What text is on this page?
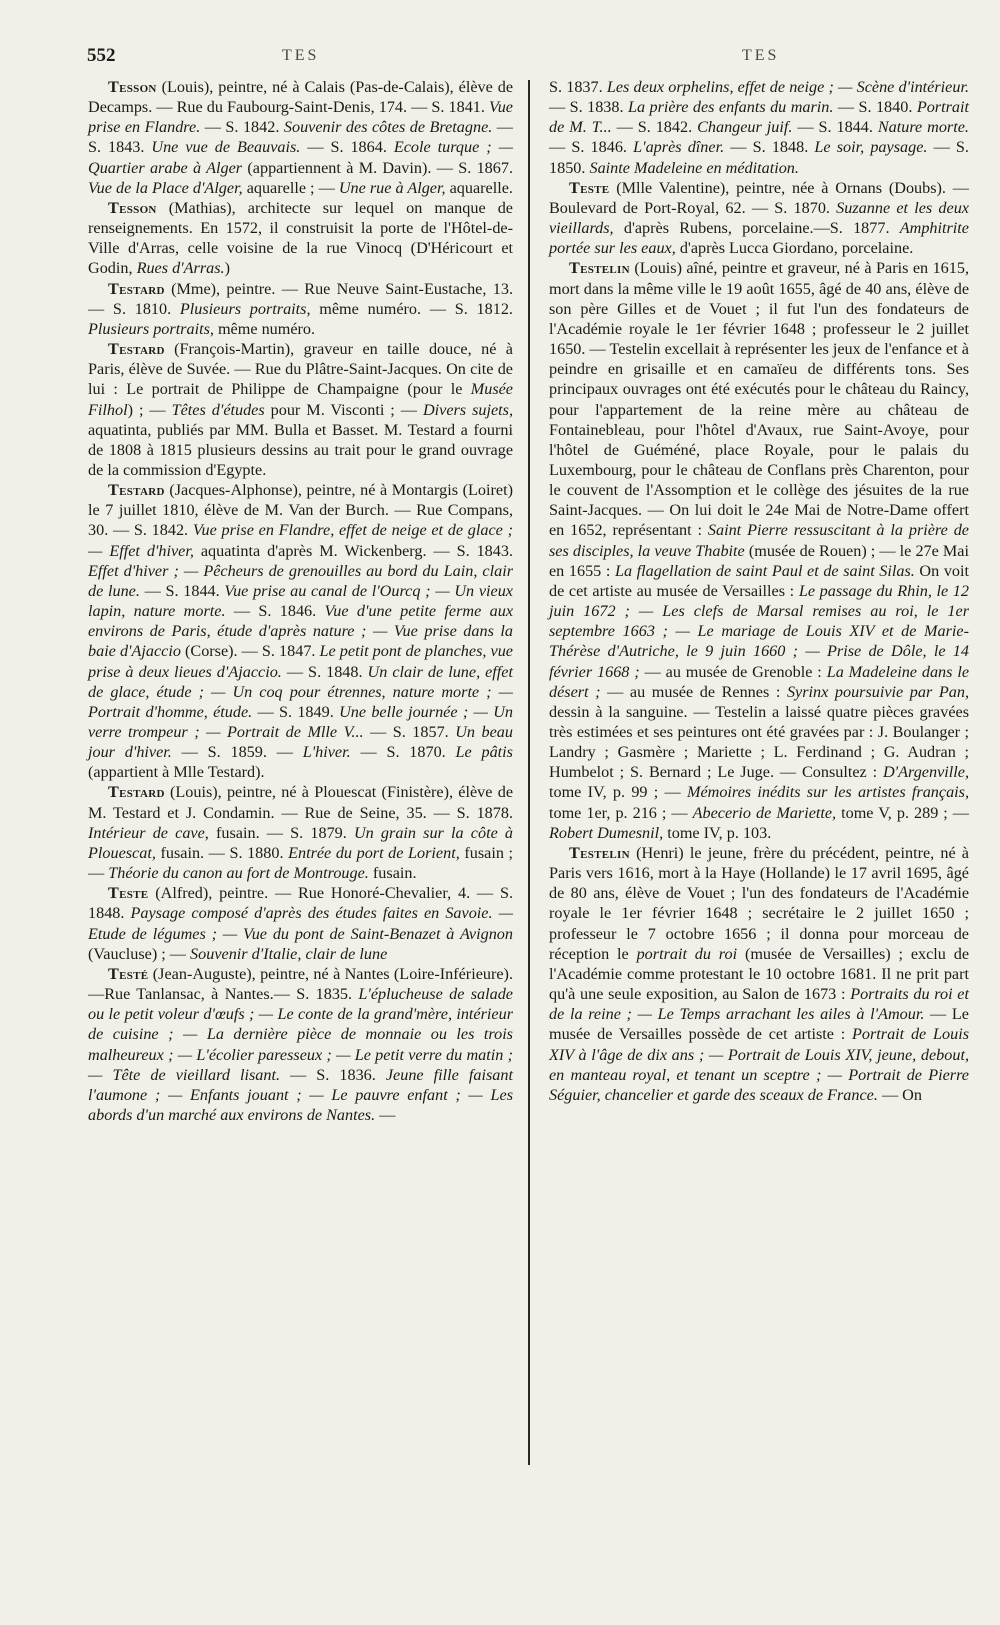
552	TES	TES

Tesson (Louis), peintre, né à Calais (Pas-de-Calais), élève de Decamps. — Rue du Faubourg-Saint-Denis, 174. — S. 1841. Vue prise en Flandre. — S. 1842. Souvenir des côtes de Bretagne. — S. 1843. Une vue de Beauvais. — S. 1864. Ecole turque ; — Quartier arabe à Alger (appartiennent à M. Davin). — S. 1867. Vue de la Place d'Alger, aquarelle ; — Une rue à Alger, aquarelle.

Tesson (Mathias), architecte sur lequel on manque de renseignements. En 1572, il construisit la porte de l'Hôtel-de-Ville d'Arras, celle voisine de la rue Vinocq (D'Héricourt et Godin, Rues d'Arras.)

Testard (Mme), peintre. — Rue Neuve Saint-Eustache, 13. — S. 1810. Plusieurs portraits, même numéro. — S. 1812. Plusieurs portraits, même numéro.

Testard (François-Martin), graveur en taille douce, né à Paris, élève de Suvée. — Rue du Plâtre-Saint-Jacques. On cite de lui : Le portrait de Philippe de Champaigne (pour le Musée Filhol) ; — Têtes d'études pour M. Visconti ; — Divers sujets, aquatinta, publiés par MM. Bulla et Basset. M. Testard a fourni de 1808 à 1815 plusieurs dessins au trait pour le grand ouvrage de la commission d'Egypte.

Testard (Jacques-Alphonse), peintre, né à Montargis (Loiret) le 7 juillet 1810, élève de M. Van der Burch. — Rue Compans, 30. — S. 1842. Vue prise en Flandre, effet de neige et de glace ; — Effet d'hiver, aquatinta d'après M. Wickenberg. — S. 1843. Effet d'hiver ; — Pêcheurs de grenouilles au bord du Lain, clair de lune. — S. 1844. Vue prise au canal de l'Ourcq ; — Un vieux lapin, nature morte. — S. 1846. Vue d'une petite ferme aux environs de Paris, étude d'après nature ; — Vue prise dans la baie d'Ajaccio (Corse). — S. 1847. Le petit pont de planches, vue prise à deux lieues d'Ajaccio. — S. 1848. Un clair de lune, effet de glace, étude ; — Un coq pour étrennes, nature morte ; — Portrait d'homme, étude. — S. 1849. Une belle journée ; — Un verre trompeur ; — Portrait de Mlle V... — S. 1857. Un beau jour d'hiver. — S. 1859. — L'hiver. — S. 1870. Le pâtis (appartient à Mlle Testard).

Testard (Louis), peintre, né à Plouescat (Finistère), élève de M. Testard et J. Condamin. — Rue de Seine, 35. — S. 1878. Intérieur de cave, fusain. — S. 1879. Un grain sur la côte à Plouescat, fusain. — S. 1880. Entrée du port de Lorient, fusain ; — Théorie du canon au fort de Montrouge. fusain.

Teste (Alfred), peintre. — Rue Honoré-Chevalier, 4. — S. 1848. Paysage composé d'après des études faites en Savoie. — Etude de légumes ; — Vue du pont de Saint-Benazet à Avignon (Vaucluse) ; — Souvenir d'Italie, clair de lune

Testé (Jean-Auguste), peintre, né à Nantes (Loire-Inférieure).—Rue Tanlansac, à Nantes.— S. 1835. L'éplucheuse de salade ou le petit voleur d'œufs ; — Le conte de la grand'mère, intérieur de cuisine ; — La dernière pièce de monnaie ou les trois malheureux ; — L'écolier paresseux ; — Le petit verre du matin ; — Tête de vieillard lisant. — S. 1836. Jeune fille faisant l'aumone ; — Enfants jouant ; — Le pauvre enfant ; — Les abords d'un marché aux environs de Nantes. —

S. 1837. Les deux orphelins, effet de neige ; — Scène d'intérieur. — S. 1838. La prière des enfants du marin. — S. 1840. Portrait de M. T... — S. 1842. Changeur juif. — S. 1844. Nature morte. — S. 1846. L'après dîner. — S. 1848. Le soir, paysage. — S. 1850. Sainte Madeleine en méditation.

Teste (Mlle Valentine), peintre, née à Ornans (Doubs). — Boulevard de Port-Royal, 62. — S. 1870. Suzanne et les deux vieillards, d'après Rubens, porcelaine.—S. 1877. Amphitrite portée sur les eaux, d'après Lucca Giordano, porcelaine.

Testelin (Louis) aîné, peintre et graveur, né à Paris en 1615, mort dans la même ville le 19 août 1655, âgé de 40 ans, élève de son père Gilles et de Vouet ; il fut l'un des fondateurs de l'Académie royale le 1er février 1648 ; professeur le 2 juillet 1650. — Testelin excellait à représenter les jeux de l'enfance et à peindre en grisaille et en camaïeu de différents tons. Ses principaux ouvrages ont été exécutés pour le château du Raincy, pour l'appartement de la reine mère au château de Fontainebleau, pour l'hôtel d'Avaux, rue Saint-Avoye, pour l'hôtel de Guéméné, place Royale, pour le palais du Luxembourg, pour le château de Conflans près Charenton, pour le couvent de l'Assomption et le collège des jésuites de la rue Saint-Jacques. — On lui doit le 24e Mai de Notre-Dame offert en 1652, représentant : Saint Pierre ressuscitant à la prière de ses disciples, la veuve Thabite (musée de Rouen) ; — le 27e Mai en 1655 : La flagellation de saint Paul et de saint Silas. On voit de cet artiste au musée de Versailles : Le passage du Rhin, le 12 juin 1672 ; — Les clefs de Marsal remises au roi, le 1er septembre 1663 ; — Le mariage de Louis XIV et de Marie-Thérèse d'Autriche, le 9 juin 1660 ; — Prise de Dôle, le 14 février 1668 ; — au musée de Grenoble : La Madeleine dans le désert ; — au musée de Rennes : Syrinx poursuivie par Pan, dessin à la sanguine. — Testelin a laissé quatre pièces gravées très estimées et ses peintures ont été gravées par : J. Boulanger ; Landry ; Gasmère ; Mariette ; L. Ferdinand ; G. Audran ; Humbelot ; S. Bernard ; Le Juge. — Consultez : D'Argenville, tome IV, p. 99 ; — Mémoires inédits sur les artistes français, tome 1er, p. 216 ; — Abecerio de Mariette, tome V, p. 289 ; — Robert Dumesnil, tome IV, p. 103.

Testelin (Henri) le jeune, frère du précédent, peintre, né à Paris vers 1616, mort à la Haye (Hollande) le 17 avril 1695, âgé de 80 ans, élève de Vouet ; l'un des fondateurs de l'Académie royale le 1er février 1648 ; secrétaire le 2 juillet 1650 ; professeur le 7 octobre 1656 ; il donna pour morceau de réception le portrait du roi (musée de Versailles) ; exclu de l'Académie comme protestant le 10 octobre 1681. Il ne prit part qu'à une seule exposition, au Salon de 1673 : Portraits du roi et de la reine ; — Le Temps arrachant les ailes à l'Amour. — Le musée de Versailles possède de cet artiste : Portrait de Louis XIV à l'âge de dix ans ; — Portrait de Louis XIV, jeune, debout, en manteau royal, et tenant un sceptre ; — Portrait de Pierre Séguier, chancelier et garde des sceaux de France. — On
